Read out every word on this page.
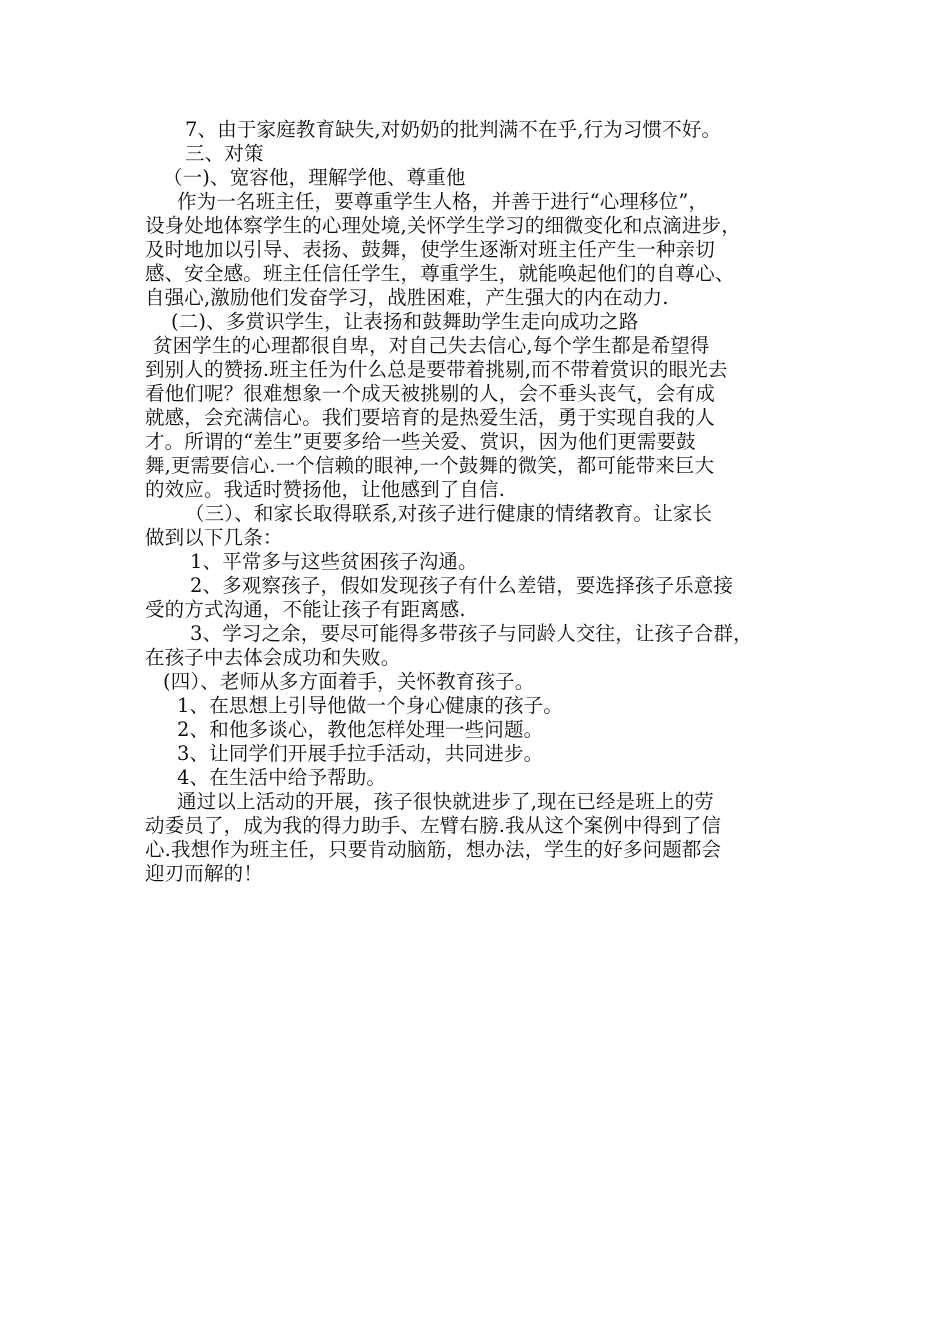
7、由于家庭教育缺失,对奶奶的批判满不在乎,行为习惯不好。
三、对策
（一)、宽容他，理解学他、尊重他
作为一名班主任，要尊重学生人格，并善于进行“心理移位”，
设身处地体察学生的心理处境,关怀学生学习的细微变化和点滴进步，
及时地加以引导、表扬、鼓舞，使学生逐渐对班主任产生一种亲切
感、安全感。班主任信任学生，尊重学生，就能唤起他们的自尊心、
自强心,激励他们发奋学习，战胜困难，产生强大的内在动力.
(二)、多赏识学生，让表扬和鼓舞助学生走向成功之路
贫困学生的心理都很自卑，对自己失去信心,每个学生都是希望得
到别人的赞扬.班主任为什么总是要带着挑剔,而不带着赏识的眼光去
看他们呢？很难想象一个成天被挑剔的人，会不垂头丧气，会有成
就感，会充满信心。我们要培育的是热爱生活，勇于实现自我的人
才。所谓的“差生”更要多给一些关爱、赏识，因为他们更需要鼓
舞,更需要信心.一个信赖的眼神,一个鼓舞的微笑，都可能带来巨大
的效应。我适时赞扬他，让他感到了自信.
（三）、和家长取得联系,对孩子进行健康的情绪教育。让家长
做到以下几条：
1、平常多与这些贫困孩子沟通。
2、多观察孩子，假如发现孩子有什么差错，要选择孩子乐意接
受的方式沟通，不能让孩子有距离感.
3、学习之余，要尽可能得多带孩子与同龄人交往，让孩子合群，
在孩子中去体会成功和失败。
(四）、老师从多方面着手，关怀教育孩子。
1、在思想上引导他做一个身心健康的孩子。
2、和他多谈心，教他怎样处理一些问题。
3、让同学们开展手拉手活动，共同进步。
4、在生活中给予帮助。
通过以上活动的开展，孩子很快就进步了,现在已经是班上的劳
动委员了，成为我的得力助手、左臂右膀.我从这个案例中得到了信
心.我想作为班主任，只要肯动脑筋，想办法，学生的好多问题都会
迎刃而解的！
